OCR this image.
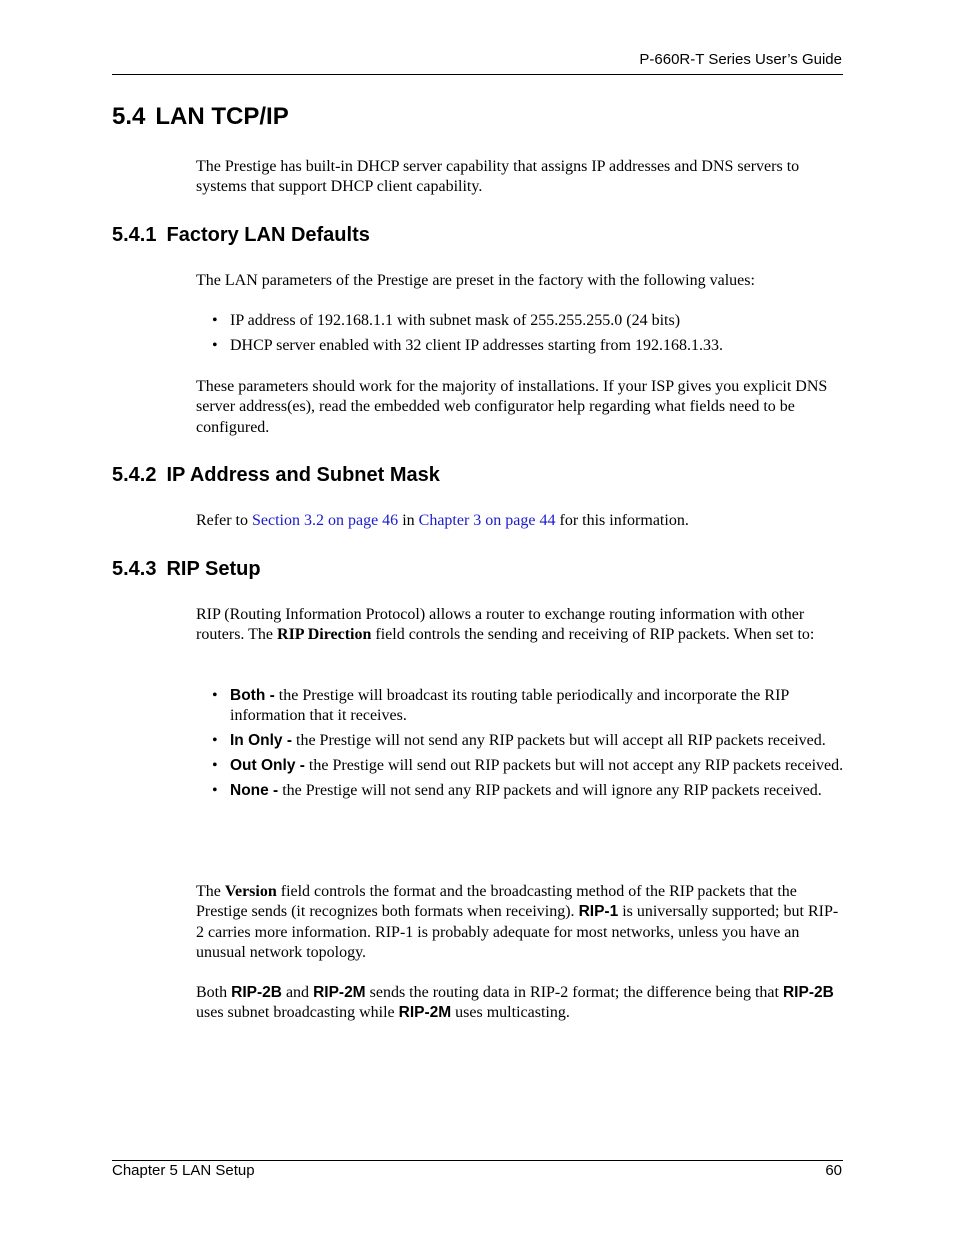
P-660R-T Series User’s Guide
5.4 LAN TCP/IP

The Prestige has built-in DHCP server capability that assigns IP addresses and DNS servers to systems that support DHCP client capability.

5.4.1 Factory LAN Defaults

The LAN parameters of the Prestige are preset in the factory with the following values:

• IP address of 192.168.1.1 with subnet mask of 255.255.255.0 (24 bits)
• DHCP server enabled with 32 client IP addresses starting from 192.168.1.33.

These parameters should work for the majority of installations. If your ISP gives you explicit DNS server address(es), read the embedded web configurator help regarding what fields need to be configured.

5.4.2 IP Address and Subnet Mask

Refer to Section 3.2 on page 46 in Chapter 3 on page 44 for this information.

5.4.3 RIP Setup

RIP (Routing Information Protocol) allows a router to exchange routing information with other routers. The RIP Direction field controls the sending and receiving of RIP packets. When set to:

• Both - the Prestige will broadcast its routing table periodically and incorporate the RIP information that it receives.
• In Only - the Prestige will not send any RIP packets but will accept all RIP packets received.
• Out Only - the Prestige will send out RIP packets but will not accept any RIP packets received.
• None - the Prestige will not send any RIP packets and will ignore any RIP packets received.

The Version field controls the format and the broadcasting method of the RIP packets that the Prestige sends (it recognizes both formats when receiving). RIP-1 is universally supported; but RIP-2 carries more information. RIP-1 is probably adequate for most networks, unless you have an unusual network topology.

Both RIP-2B and RIP-2M sends the routing data in RIP-2 format; the difference being that RIP-2B uses subnet broadcasting while RIP-2M uses multicasting.

Chapter 5 LAN Setup	60
